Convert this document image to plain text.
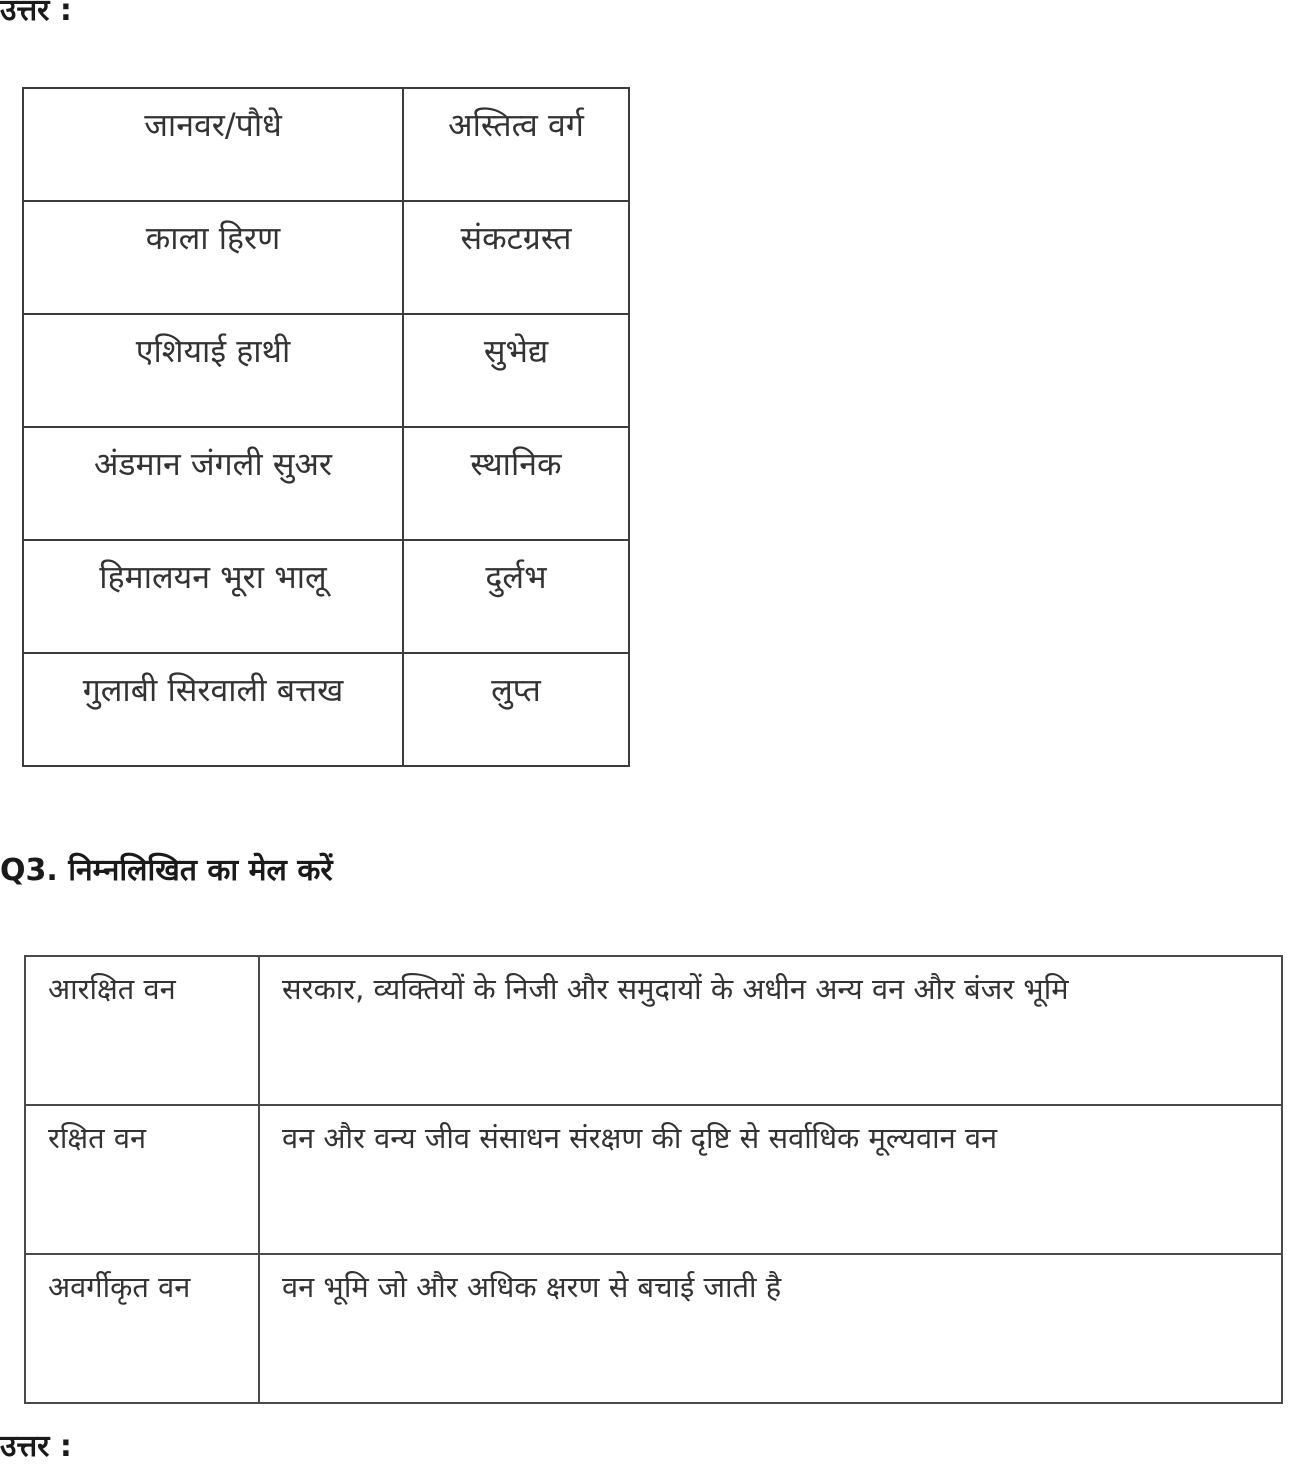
उत्तर :
जानवर/पौधे	अस्तित्व वर्ग
काला हिरण	संकटग्रस्त
एशियाई हाथी	सुभेद्य
अंडमान जंगली सुअर	स्थानिक
हिमालयन भूरा भालू	दुर्लभ
गुलाबी सिरवाली बत्तख	लुप्त
Q3. निम्नलिखित का मेल करें
आरक्षित वन	सरकार, व्यक्तियों के निजी और समुदायों के अधीन अन्य वन और बंजर भूमि
रक्षित वन	वन और वन्य जीव संसाधन संरक्षण की दृष्टि से सर्वाधिक मूल्यवान वन
अवर्गीकृत वन	वन भूमि जो और अधिक क्षरण से बचाई जाती है
उत्तर :
